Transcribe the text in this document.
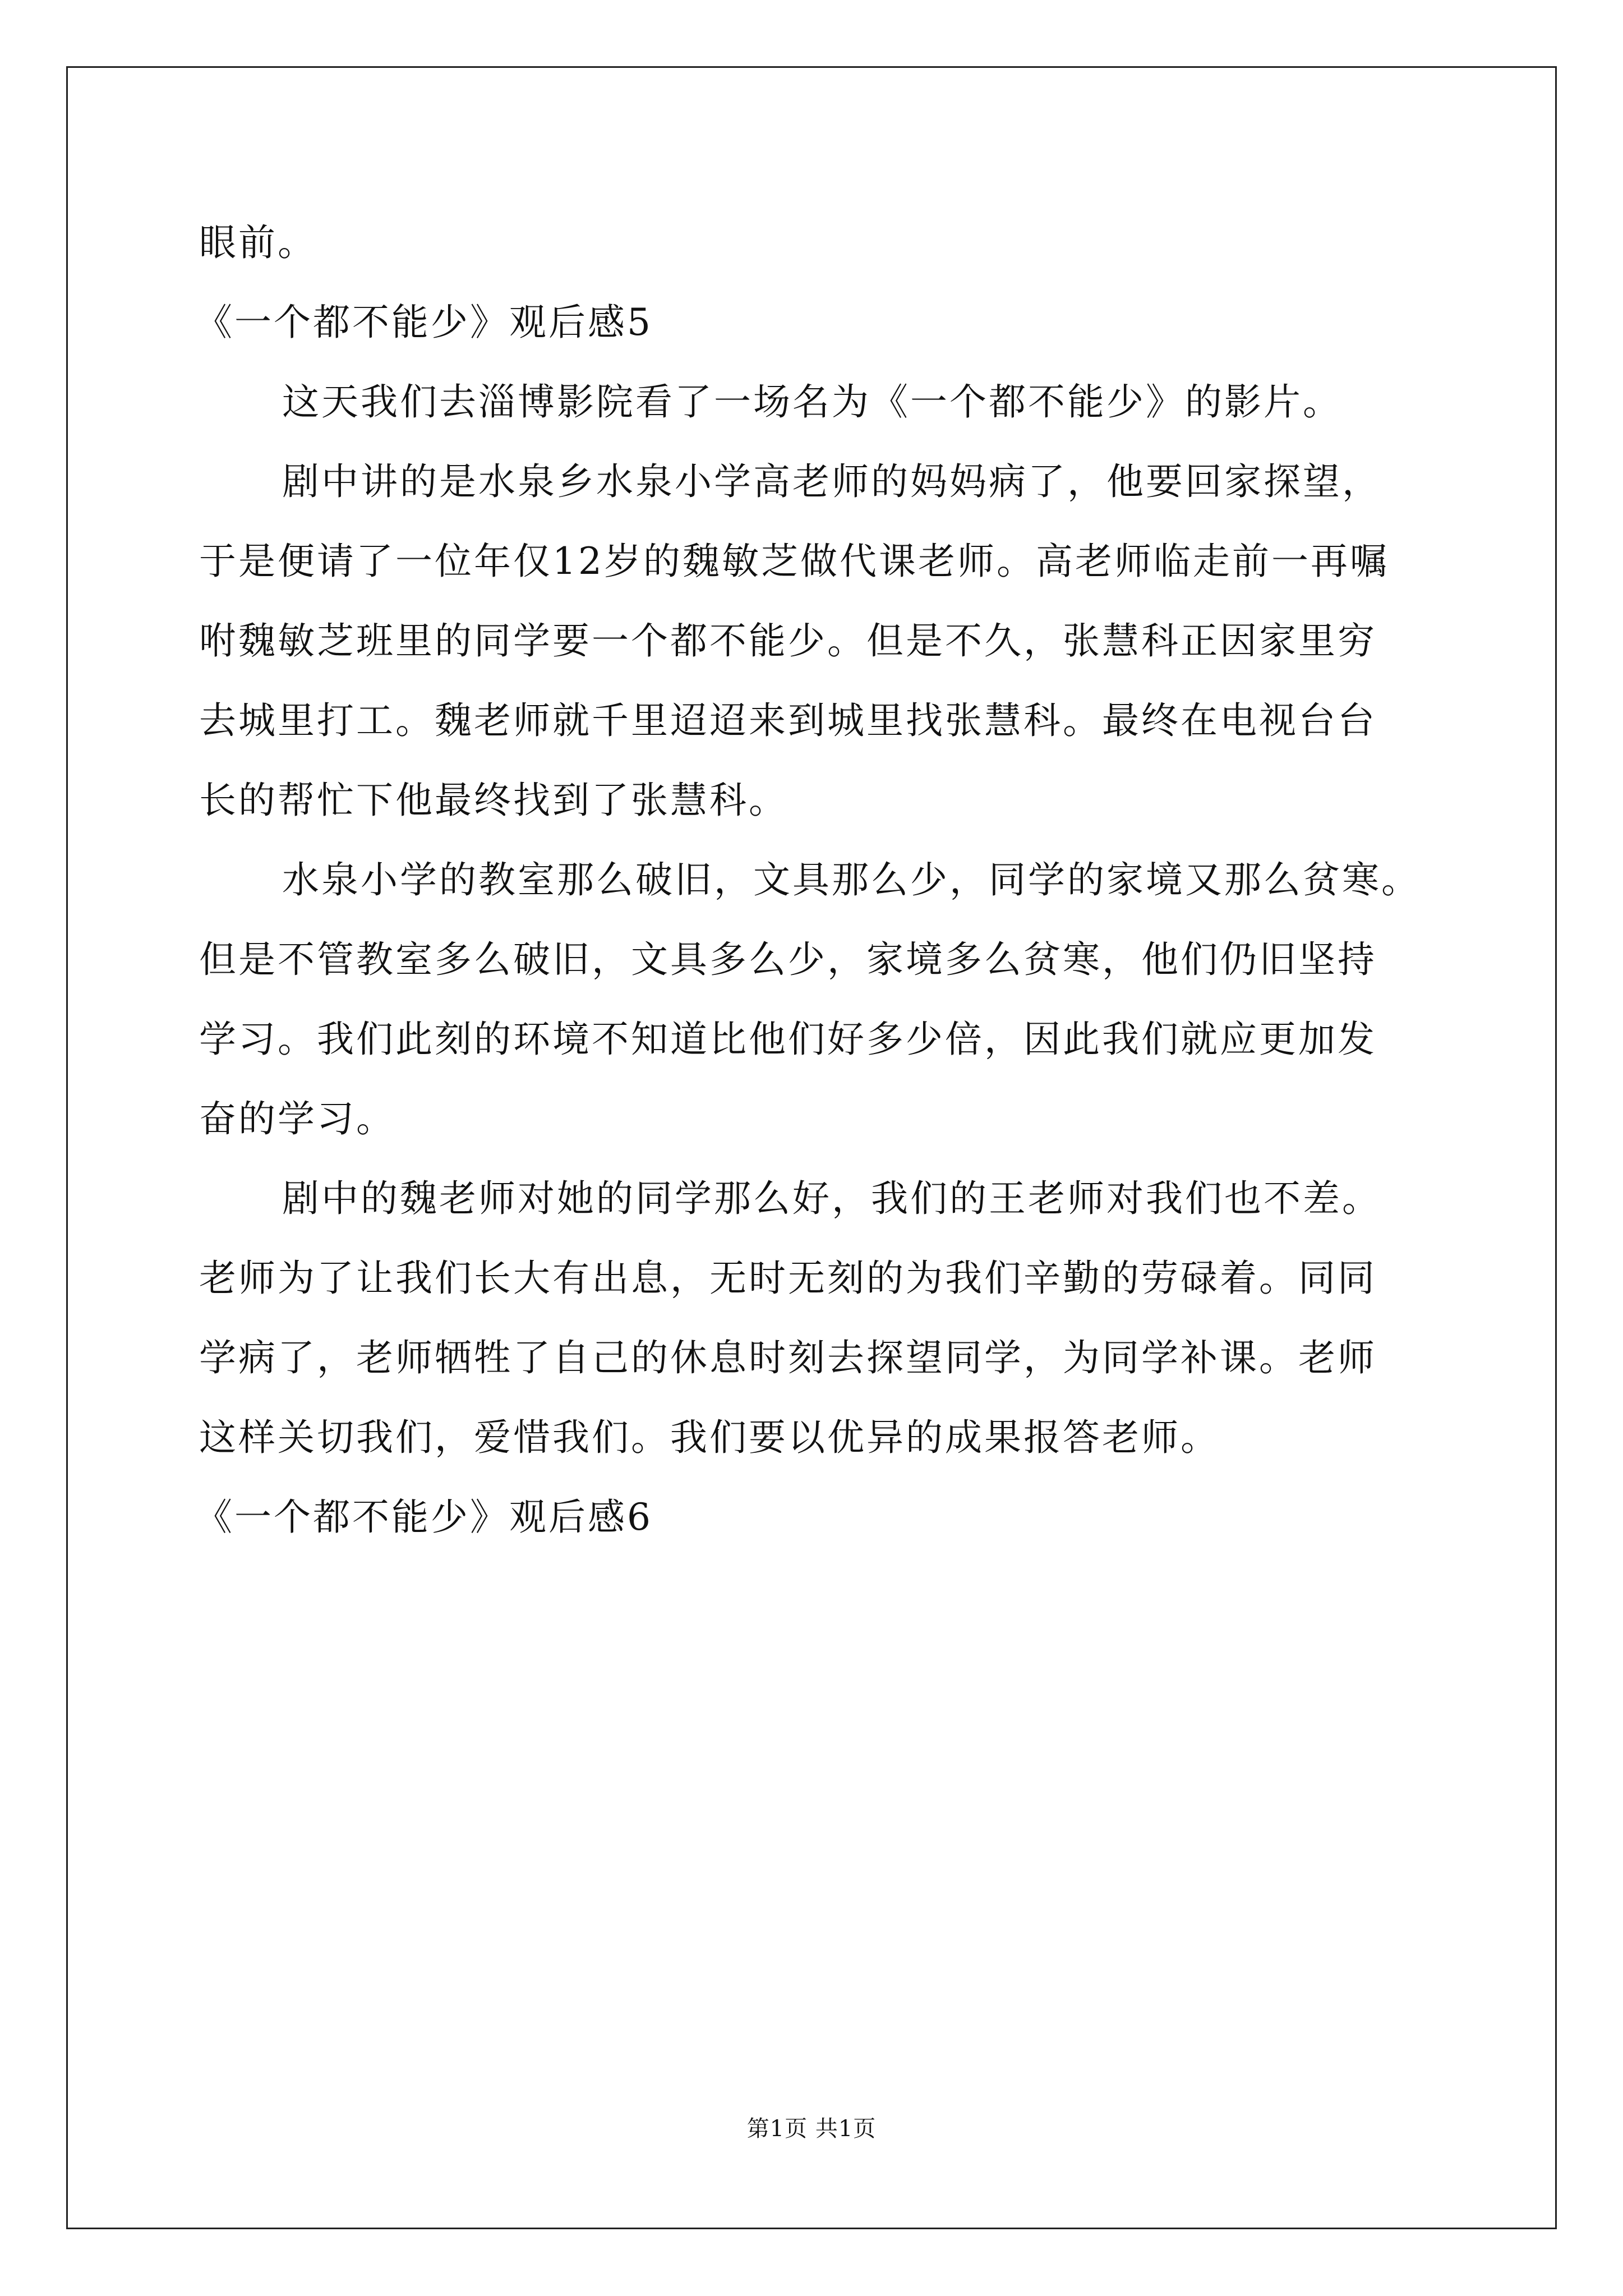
眼前。
《一个都不能少》观后感5
这天我们去淄博影院看了一场名为《一个都不能少》的影片。
剧中讲的是水泉乡水泉小学高老师的妈妈病了，他要回家探望，
于是便请了一位年仅12岁的魏敏芝做代课老师。高老师临走前一再嘱
咐魏敏芝班里的同学要一个都不能少。但是不久，张慧科正因家里穷
去城里打工。魏老师就千里迢迢来到城里找张慧科。最终在电视台台
长的帮忙下他最终找到了张慧科。
水泉小学的教室那么破旧，文具那么少，同学的家境又那么贫寒。
但是不管教室多么破旧，文具多么少，家境多么贫寒，他们仍旧坚持
学习。我们此刻的环境不知道比他们好多少倍，因此我们就应更加发
奋的学习。
剧中的魏老师对她的同学那么好，我们的王老师对我们也不差。
老师为了让我们长大有出息，无时无刻的为我们辛勤的劳碌着。同同
学病了，老师牺牲了自己的休息时刻去探望同学，为同学补课。老师
这样关切我们，爱惜我们。我们要以优异的成果报答老师。
《一个都不能少》观后感6
第1页 共1页
